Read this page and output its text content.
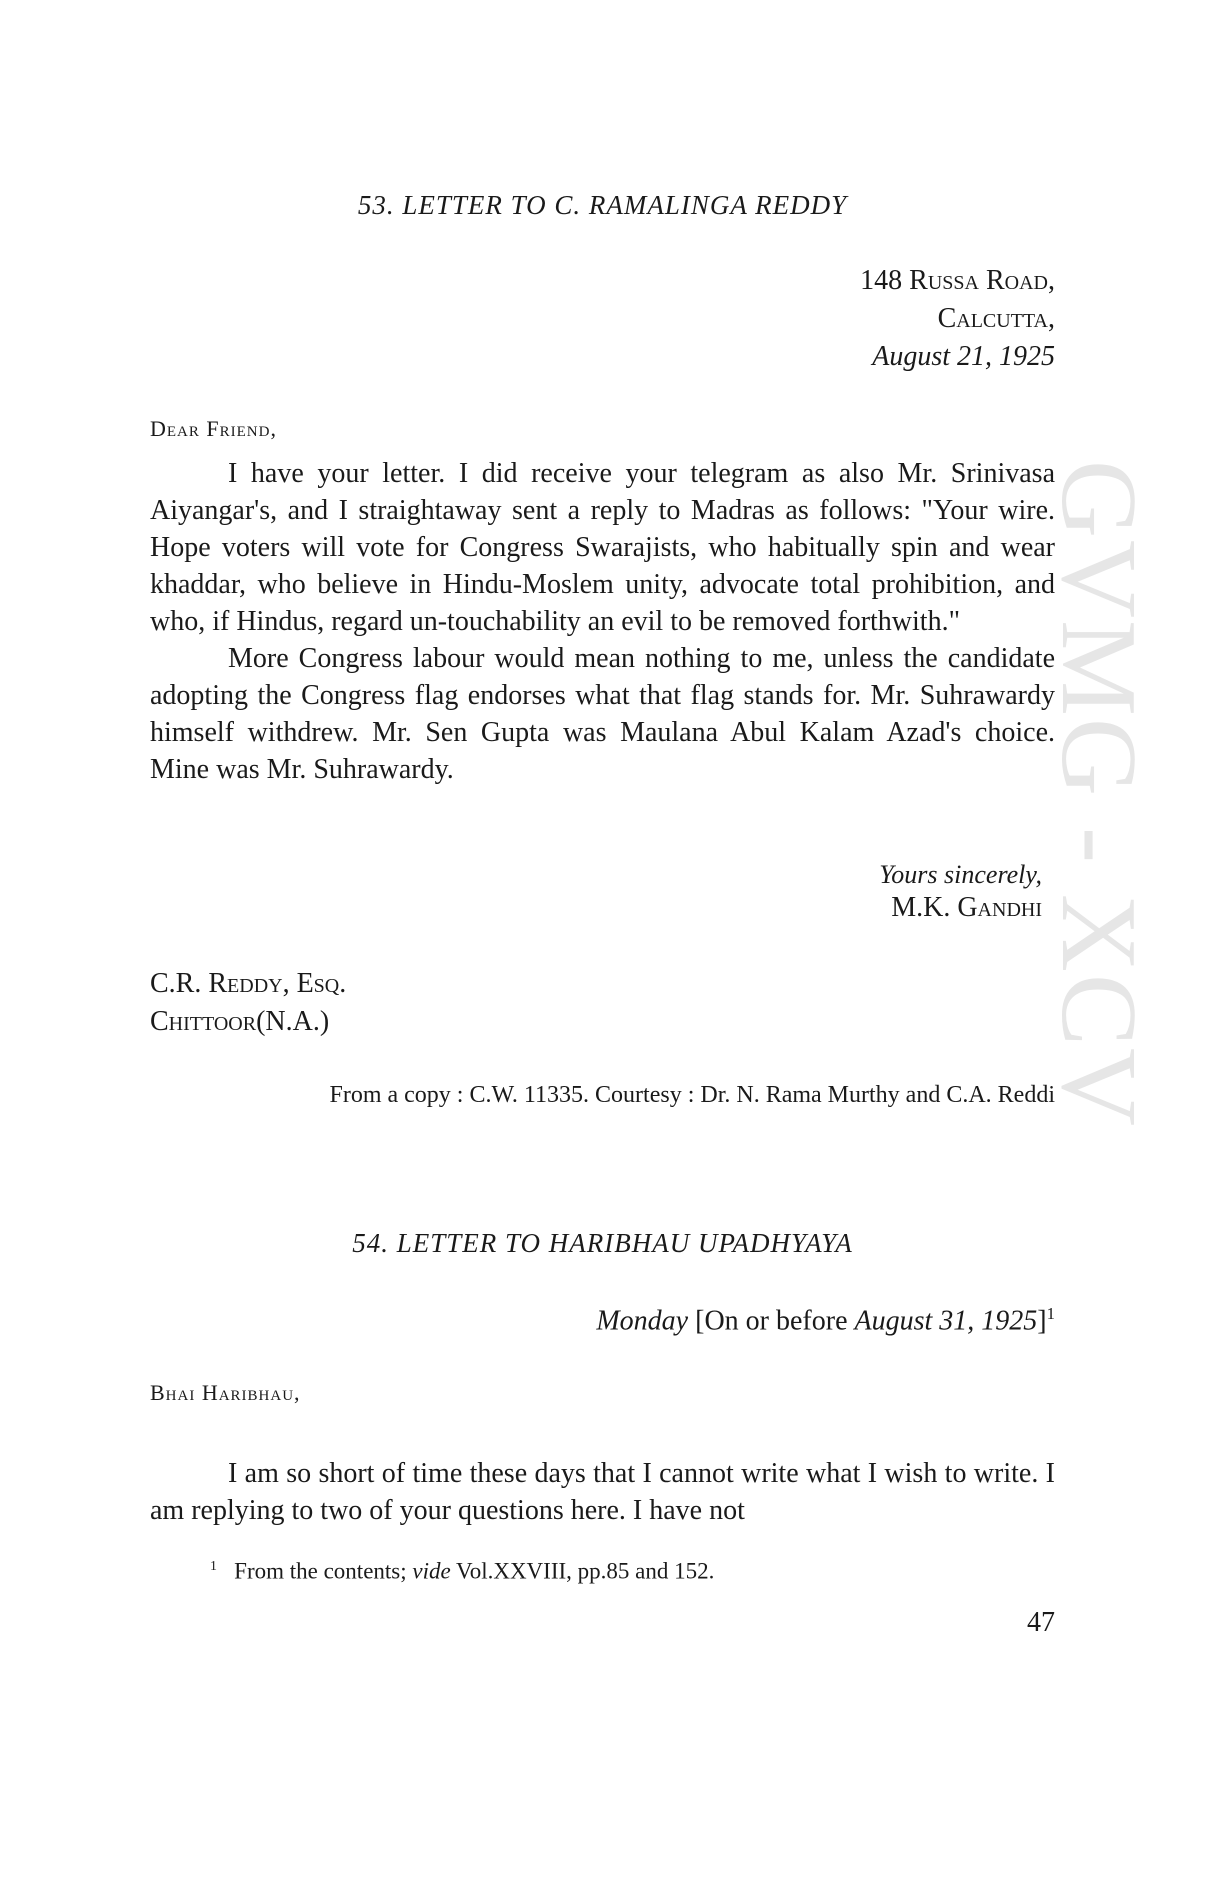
GVMG - XCV
53. LETTER TO C. RAMALINGA REDDY
148 Russa Road,
Calcutta,
August 21, 1925
Dear Friend,

I have your letter. I did receive your telegram as also Mr. Srinivasa Aiyangar's, and I straightaway sent a reply to Madras as follows: "Your wire. Hope voters will vote for Congress Swarajists, who habitually spin and wear khaddar, who believe in Hindu-Moslem unity, advocate total prohibition, and who, if Hindus, regard un-touchability an evil to be removed forthwith."

More Congress labour would mean nothing to me, unless the candidate adopting the Congress flag endorses what that flag stands for. Mr. Suhrawardy himself withdrew. Mr. Sen Gupta was Maulana Abul Kalam Azad's choice. Mine was Mr. Suhrawardy.

Yours sincerely,
M.K. Gandhi
C.R. Reddy, Esq.
Chittoor(N.A.)
From a copy : C.W. 11335. Courtesy : Dr. N. Rama Murthy and C.A. Reddi
54. LETTER TO HARIBHAU UPADHYAYA
Monday [On or before August 31, 1925]$^1$
Bhai Haribhau,

I am so short of time these days that I cannot write what I wish to write. I am replying to two of your questions here. I have not

$^1$ From the contents; vide Vol.XXVIII, pp.85 and 152.
47
